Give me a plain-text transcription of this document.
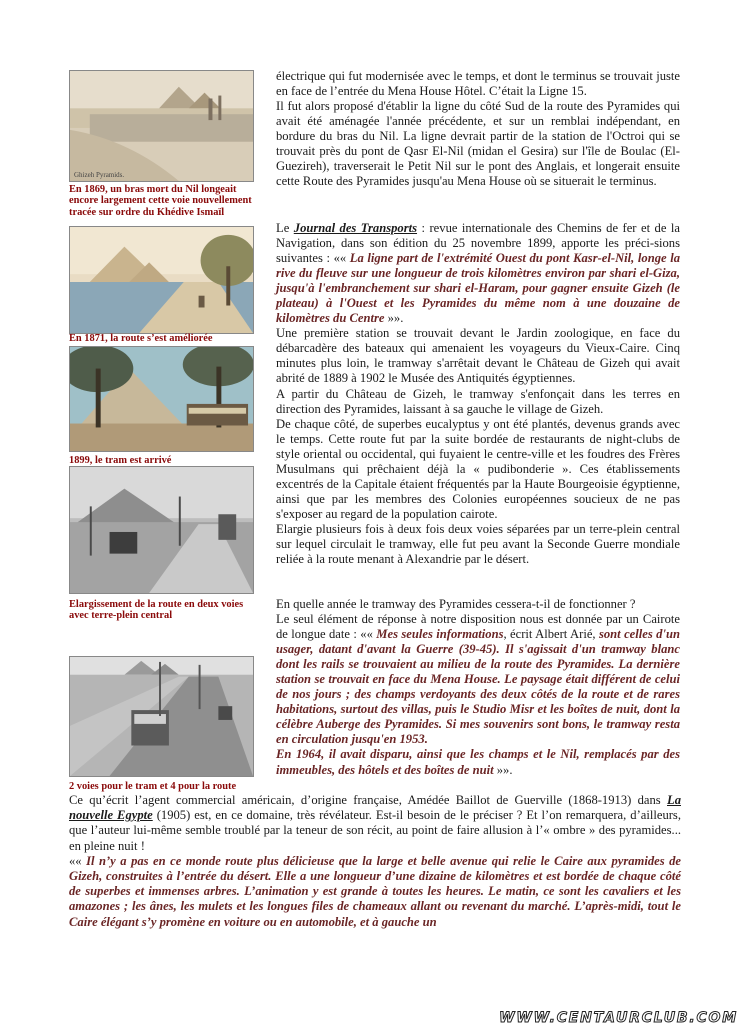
Ghizeh Pyramids.

En 1869, un bras mort du Nil longeait encore largement cette voie nouvellement tracée sur ordre du Khédive Ismaïl

En 1871, la route s’est améliorée

1899, le tram est arrivé

Elargissement de la route en deux voies avec terre-plein central

2 voies pour le tram et 4 pour la route

électrique qui fut modernisée avec le temps, et dont le terminus se trouvait juste en face de l’entrée du Mena House Hôtel. C’était la Ligne 15.

Il fut alors proposé d'établir la ligne du côté Sud de la route des Pyramides qui avait été aménagée l'année précédente, et sur un remblai indépendant, en bordure du bras du Nil. La ligne devrait partir de la station de l'Octroi qui se trouvait près du pont de Qasr El-Nil (midan el Gesira) sur l'île de Boulac (El-Guezireh), traverserait le Petit Nil sur le pont des Anglais, et longerait ensuite cette Route des Pyramides jusqu'au Mena House où se situerait le terminus.

Le Journal des Transports : revue internationale des Chemins de fer et de la Navigation, dans son édition du 25 novembre 1899, apporte les préci-sions suivantes : «« La ligne part de l'extrémité Ouest du pont Kasr-el-Nil, longe la rive du fleuve sur une longueur de trois kilomètres environ par shari el-Giza, jusqu'à l'embranchement sur shari el-Haram, pour gagner ensuite Gizeh (le plateau) à l'Ouest et les Pyramides du même nom à une douzaine de kilomètres du Centre »».

Une première station se trouvait devant le Jardin zoologique, en face du débarcadère des bateaux qui amenaient les voyageurs du Vieux-Caire. Cinq minutes plus loin, le tramway s'arrêtait devant le Château de Gizeh qui avait abrité de 1889 à 1902 le Musée des Antiquités égyptiennes.

A partir du Château de Gizeh, le tramway s'enfonçait dans les terres en direction des Pyramides, laissant à sa gauche le village de Gizeh.

De chaque côté, de superbes eucalyptus y ont été plantés, devenus grands avec le temps. Cette route fut par la suite bordée de restaurants de night-clubs de style oriental ou occidental, qui fuyaient le centre-ville et les foudres des Frères Musulmans qui prêchaient déjà la « pudibonderie ». Ces établissements excentrés de la Capitale étaient fréquentés par la Haute Bourgeoisie égyptienne, ainsi que par les membres des Colonies européennes soucieux de ne pas s'exposer au regard de la population cairote.

Elargie plusieurs fois à deux fois deux voies séparées par un terre-plein central sur lequel circulait le tramway, elle fut peu avant la Seconde Guerre mondiale reliée à la route menant à Alexandrie par le désert.

En quelle année le tramway des Pyramides cessera-t-il de fonctionner ?

Le seul élément de réponse à notre disposition nous est donnée par un Cairote de longue date : «« Mes seules informations, écrit Albert Arié, sont celles d'un usager, datant d'avant la Guerre (39-45). Il s'agissait d'un tramway blanc dont les rails se trouvaient au milieu de la route des Pyramides. La dernière station se trouvait en face du Mena House. Le paysage était différent de celui de nos jours ; des champs verdoyants des deux côtés de la route et de rares habitations, surtout des villas, puis le Studio Misr et les boîtes de nuit, dont la célèbre Auberge des Pyramides. Si mes souvenirs sont bons, le tramway resta en circulation jusqu'en 1953.

En 1964, il avait disparu, ainsi que les champs et le Nil, remplacés par des immeubles, des hôtels et des boîtes de nuit »».

Ce qu’écrit l’agent commercial américain, d’origine française, Amédée Baillot de Guerville (1868-1913) dans La nouvelle Egypte (1905) est, en ce domaine, très révélateur. Est-il besoin de le préciser ? Et l’on remarquera, d’ailleurs, que l’auteur lui-même semble troublé par la teneur de son récit, au point de faire allusion à l’« ombre » des pyramides... en pleine nuit !

«« Il n’y a pas en ce monde route plus délicieuse que la large et belle avenue qui relie le Caire aux pyramides de Gizeh, construites à l’entrée du désert. Elle a une longueur d’une dizaine de kilomètres et est bordée de chaque côté de superbes et immenses arbres. L’animation y est grande à toutes les heures. Le matin, ce sont les cavaliers et les amazones ; les ânes, les mulets et les longues files de chameaux allant ou revenant du marché. L’après-midi, tout le Caire élégant s’y promène en voiture ou en automobile, et à gauche un

WWW.CENTAURCLUB.COM
